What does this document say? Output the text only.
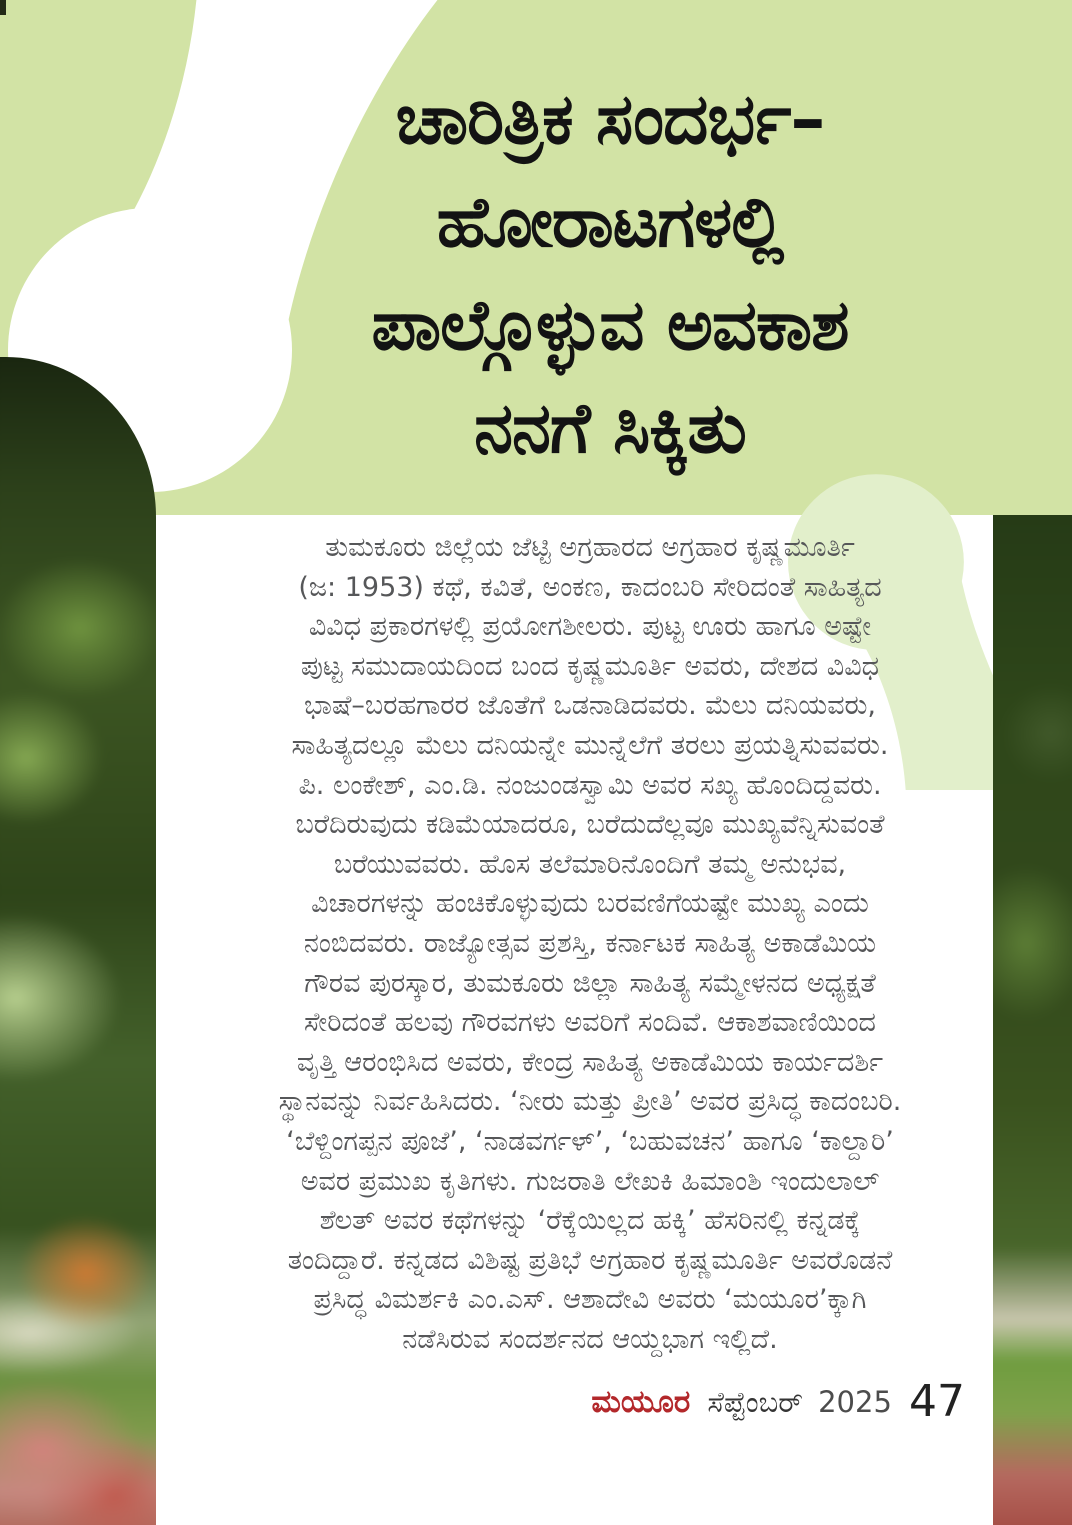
ಚಾರಿತ್ರಿಕ ಸಂದರ್ಭ–
ಹೋರಾಟಗಳಲ್ಲಿ
ಪಾಲ್ಗೊಳ್ಳುವ ಅವಕಾಶ
ನನಗೆ ಸಿಕ್ಕಿತು
ತುಮಕೂರು ಜಿಲ್ಲೆಯ ಜೆಟ್ಟಿ ಅಗ್ರಹಾರದ ಅಗ್ರಹಾರ ಕೃಷ್ಣಮೂರ್ತಿ
(ಜ: 1953) ಕಥೆ, ಕವಿತೆ, ಅಂಕಣ, ಕಾದಂಬರಿ ಸೇರಿದಂತೆ ಸಾಹಿತ್ಯದ
ವಿವಿಧ ಪ್ರಕಾರಗಳಲ್ಲಿ ಪ್ರಯೋಗಶೀಲರು. ಪುಟ್ಟ ಊರು ಹಾಗೂ ಅಷ್ಟೇ
ಪುಟ್ಟ ಸಮುದಾಯದಿಂದ ಬಂದ ಕೃಷ್ಣಮೂರ್ತಿ ಅವರು, ದೇಶದ ವಿವಿಧ
ಭಾಷೆ–ಬರಹಗಾರರ ಜೊತೆಗೆ ಒಡನಾಡಿದವರು. ಮೆಲು ದನಿಯವರು,
ಸಾಹಿತ್ಯದಲ್ಲೂ ಮೆಲು ದನಿಯನ್ನೇ ಮುನ್ನೆಲೆಗೆ ತರಲು ಪ್ರಯತ್ನಿಸುವವರು.
ಪಿ. ಲಂಕೇಶ್, ಎಂ.ಡಿ. ನಂಜುಂಡಸ್ವಾಮಿ ಅವರ ಸಖ್ಯ ಹೊಂದಿದ್ದವರು.
ಬರೆದಿರುವುದು ಕಡಿಮೆಯಾದರೂ, ಬರೆದುದೆಲ್ಲವೂ ಮುಖ್ಯವೆನ್ನಿಸುವಂತೆ
ಬರೆಯುವವರು. ಹೊಸ ತಲೆಮಾರಿನೊಂದಿಗೆ ತಮ್ಮ ಅನುಭವ,
ವಿಚಾರಗಳನ್ನು ಹಂಚಿಕೊಳ್ಳುವುದು ಬರವಣಿಗೆಯಷ್ಟೇ ಮುಖ್ಯ ಎಂದು
ನಂಬಿದವರು. ರಾಜ್ಯೋತ್ಸವ ಪ್ರಶಸ್ತಿ, ಕರ್ನಾಟಕ ಸಾಹಿತ್ಯ ಅಕಾಡೆಮಿಯ
ಗೌರವ ಪುರಸ್ಕಾರ, ತುಮಕೂರು ಜಿಲ್ಲಾ ಸಾಹಿತ್ಯ ಸಮ್ಮೇಳನದ ಅಧ್ಯಕ್ಷತೆ
ಸೇರಿದಂತೆ ಹಲವು ಗೌರವಗಳು ಅವರಿಗೆ ಸಂದಿವೆ. ಆಕಾಶವಾಣಿಯಿಂದ
ವೃತ್ತಿ ಆರಂಭಿಸಿದ ಅವರು, ಕೇಂದ್ರ ಸಾಹಿತ್ಯ ಅಕಾಡೆಮಿಯ ಕಾರ್ಯದರ್ಶಿ
ಸ್ಥಾನವನ್ನು ನಿರ್ವಹಿಸಿದರು. ‘ನೀರು ಮತ್ತು ಪ್ರೀತಿ’ ಅವರ ಪ್ರಸಿದ್ಧ ಕಾದಂಬರಿ.
‘ಬೆಳ್ದಿಂಗಪ್ಪನ ಪೂಜೆ’, ‘ನಾಡವರ್ಗಳ್’, ‘ಬಹುವಚನ’ ಹಾಗೂ ‘ಕಾಲ್ದಾರಿ’
ಅವರ ಪ್ರಮುಖ ಕೃತಿಗಳು. ಗುಜರಾತಿ ಲೇಖಕಿ ಹಿಮಾಂಶಿ ಇಂದುಲಾಲ್
ಶೆಲತ್ ಅವರ ಕಥೆಗಳನ್ನು ‘ರೆಕ್ಕೆಯಿಲ್ಲದ ಹಕ್ಕಿ’ ಹೆಸರಿನಲ್ಲಿ ಕನ್ನಡಕ್ಕೆ
ತಂದಿದ್ದಾರೆ. ಕನ್ನಡದ ವಿಶಿಷ್ಟ ಪ್ರತಿಭೆ ಅಗ್ರಹಾರ ಕೃಷ್ಣಮೂರ್ತಿ ಅವರೊಡನೆ
ಪ್ರಸಿದ್ಧ ವಿಮರ್ಶಕಿ ಎಂ.ಎಸ್. ಆಶಾದೇವಿ ಅವರು ‘ಮಯೂರ’ಕ್ಕಾಗಿ
ನಡೆಸಿರುವ ಸಂದರ್ಶನದ ಆಯ್ದಭಾಗ ಇಲ್ಲಿದೆ.
ಮಯೂರ ಸೆಪ್ಟೆಂಬರ್ 2025 47
